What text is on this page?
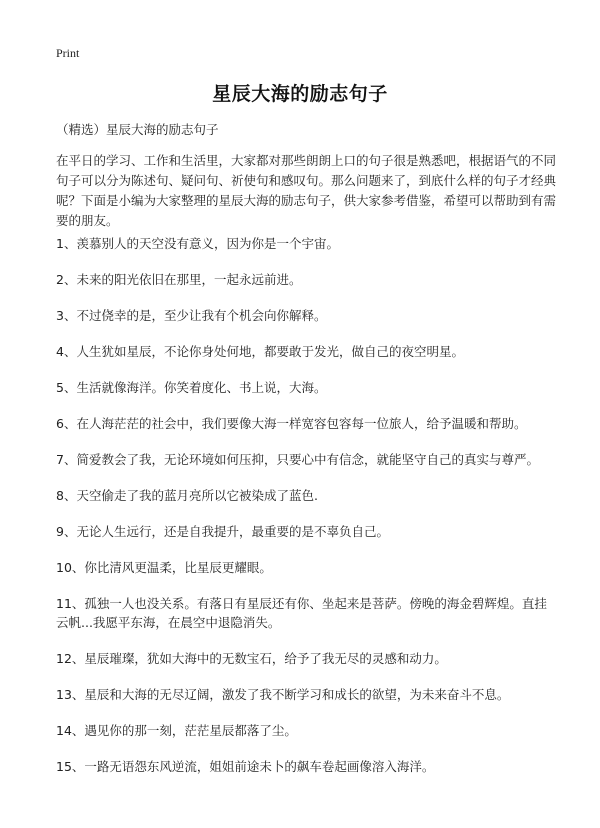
Print
星辰大海的励志句子
（精选）星辰大海的励志句子
在平日的学习、工作和生活里，大家都对那些朗朗上口的句子很是熟悉吧，根据语气的不同句子可以分为陈述句、疑问句、祈使句和感叹句。那么问题来了，到底什么样的句子才经典呢？下面是小编为大家整理的星辰大海的励志句子，供大家参考借鉴，希望可以帮助到有需要的朋友。
1、羡慕别人的天空没有意义，因为你是一个宇宙。
2、未来的阳光依旧在那里，一起永远前进。
3、不过侥幸的是，至少让我有个机会向你解释。
4、人生犹如星辰，不论你身处何地，都要敢于发光，做自己的夜空明星。
5、生活就像海洋。你笑着度化、书上说，大海。
6、在人海茫茫的社会中，我们要像大海一样宽容包容每一位旅人，给予温暖和帮助。
7、简爱教会了我，无论环境如何压抑，只要心中有信念，就能坚守自己的真实与尊严。
8、天空偷走了我的蓝月亮所以它被染成了蓝色.
9、无论人生远行，还是自我提升，最重要的是不辜负自己。
10、你比清风更温柔，比星辰更耀眼。
11、孤独一人也没关系。有落日有星辰还有你、坐起来是菩萨。傍晚的海金碧辉煌。直挂云帆...我愿平东海，在晨空中退隐消失。
12、星辰璀璨，犹如大海中的无数宝石，给予了我无尽的灵感和动力。
13、星辰和大海的无尽辽阔，激发了我不断学习和成长的欲望，为未来奋斗不息。
14、遇见你的那一刻，茫茫星辰都落了尘。
15、一路无语怨东风逆流，姐姐前途未卜的飙车卷起画像溶入海洋。
